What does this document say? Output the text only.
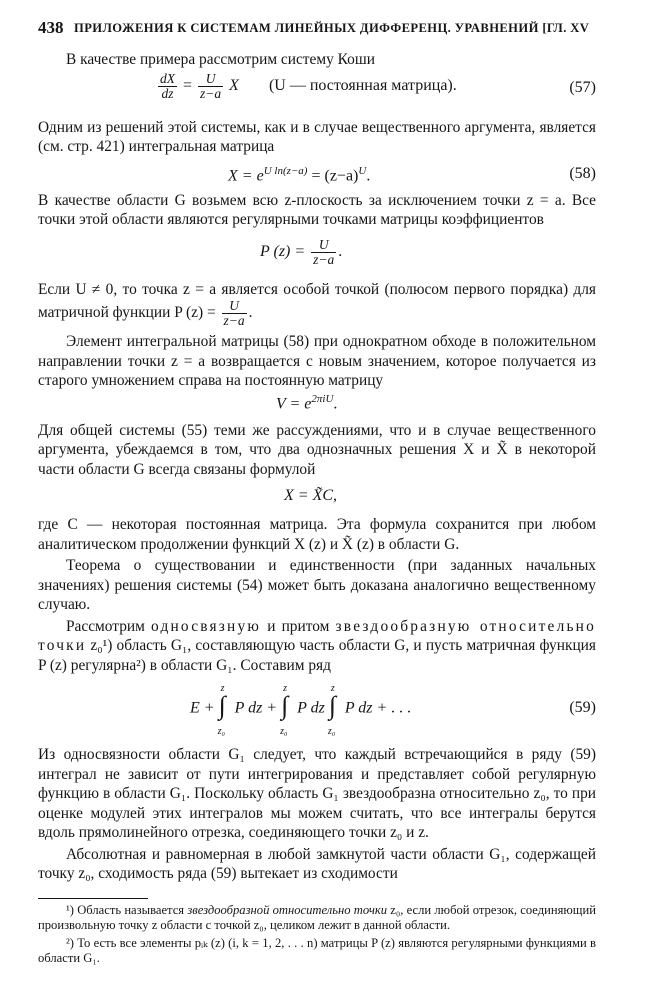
438 ПРИЛОЖЕНИЯ К СИСТЕМАМ ЛИНЕЙНЫХ ДИФФЕРЕНЦ. УРАВНЕНИЙ [ГЛ. XV

В качестве примера рассмотрим систему Коши

$\frac{dX}{dz} = \frac{U}{z-a}$ X (U — постоянная матрица).	(57)

Одним из решений этой системы, как и в случае вещественного аргумента, является (см. стр. 421) интегральная матрица

$X = e^{U ln(z-a)} = (z-a)^U$.	(58)

В качестве области G возьмем всю z-плоскость за исключением точки z = a. Все точки этой области являются регулярными точками матрицы коэффициентов

P $(z) = \frac{U}{z-a}$ .

Если U ≠ 0, то точка z = a является особой точкой (полюсом первого порядка) для матричной функции P $(z) = \frac{U}{z-a}$ .

Элемент интегральной матрицы (58) при однократном обходе в положительном направлении точки z = a возвращается с новым значением, которое получается из старого умножением справа на постоянную матрицу

$V = e^{2\pi iU}$.

Для общей системы (55) теми же рассуждениями, что и в случае вещественного аргумента, убеждаемся в том, что два однозначных решения X и X̃ в некоторой части области G всегда связаны формулой

X = X̃C,

где C — некоторая постоянная матрица. Эта формула сохранится при любом аналитическом продолжении функций X (z) и X̃ (z) в области G.

Теорема о существовании и единственности (при заданных начальных значениях) решения системы (54) может быть доказана аналогично вещественному случаю.

Рассмотрим односвязную и притом звездообразную относительно точки z₀¹) область G₁, составляющую часть области G, и пусть матричная функция P (z) регулярна²) в области G₁. Составим ряд

E +
z
∫
z₀
P dz +
z
∫
z₀
P dz
z
∫
z₀
P dz + . . .	(59)

Из односвязности области G₁ следует, что каждый встречающийся в ряду (59) интеграл не зависит от пути интегрирования и представляет собой регулярную функцию в области G₁. Поскольку область G₁ звездообразна относительно z₀, то при оценке модулей этих интегралов мы можем считать, что все интегралы берутся вдоль прямолинейного отрезка, соединяющего точки z₀ и z.

Абсолютная и равномерная в любой замкнутой части области G₁, содержащей точку z₀, сходимость ряда (59) вытекает из сходимости

¹) Область называется звездообразной относительно точки z₀, если любой отрезок, соединяющий произвольную точку z области с точкой z₀, целиком лежит в данной области.

²) То есть все элементы pᵢₖ (z) (i, k = 1, 2, . . . n) матрицы P (z) являются регулярными функциями в области G₁.
